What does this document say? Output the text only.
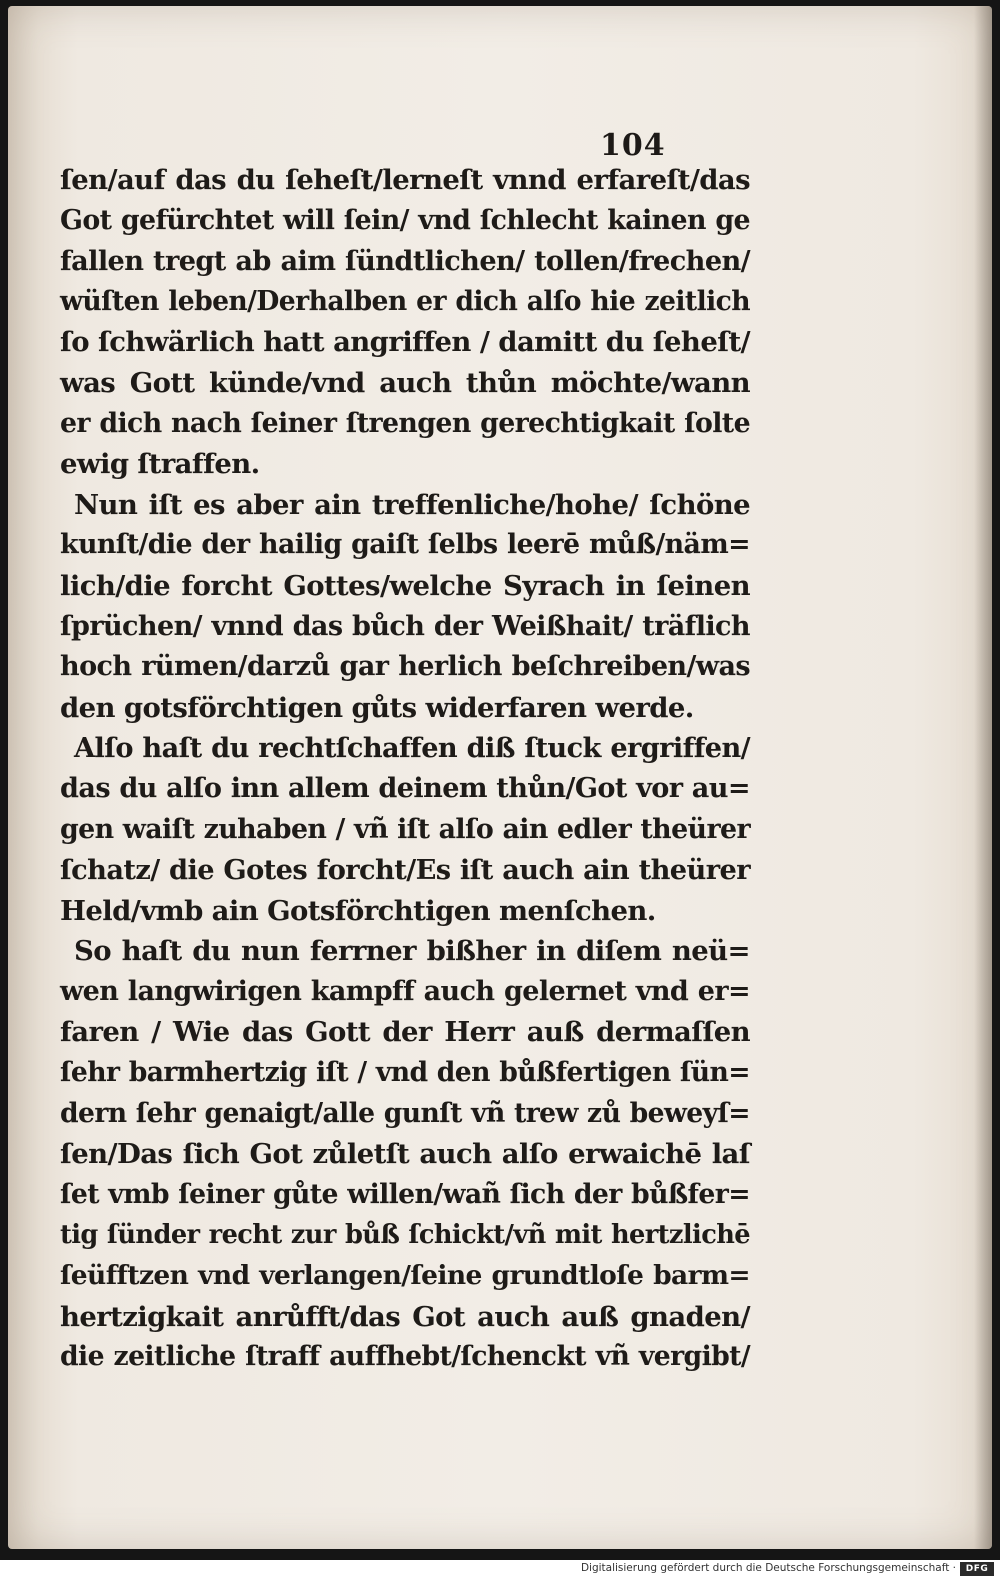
104
ſen/auf das du ſeheſt/lerneſt vnnd erfareſt/das
Got gefürchtet will ſein/ vnd ſchlecht kainen ge
fallen tregt ab aim ſündtlichen/ tollen/frechen/
wüſten leben/Derhalben er dich alſo hie zeitlich
ſo ſchwärlich hatt angriffen / damitt du ſeheſt/
was Gott künde/vnd auch thůn möchte/wann
er dich nach ſeiner ſtrengen gerechtigkait ſolte
ewig ſtraffen.
Nun iſt es aber ain treffenliche/hohe/ ſchöne
kunſt/die der hailig gaiſt ſelbs leerē můß/näm=
lich/die forcht Gottes/welche Syrach in ſeinen
ſprüchen/ vnnd das bůch der Weißhait/ träflich
hoch rümen/darzů gar herlich beſchreiben/was
den gotsförchtigen gůts widerfaren werde.
Alſo haſt du rechtſchaffen diß ſtuck ergriffen/
das du alſo inn allem deinem thůn/Got vor au=
gen waiſt zuhaben / vñ iſt alſo ain edler theürer
ſchatz/ die Gotes forcht/Es iſt auch ain theürer
Held/vmb ain Gotsförchtigen menſchen.
So haſt du nun ferrner bißher in diſem neü=
wen langwirigen kampff auch gelernet vnd er=
faren / Wie das Gott der Herr auß dermaſſen
ſehr barmhertzig iſt / vnd den bůßfertigen ſün=
dern ſehr genaigt/alle gunſt vñ trew zů beweyſ=
ſen/Das ſich Got zůletſt auch alſo erwaichē laſ
ſet vmb ſeiner gůte willen/wañ ſich der bůßfer=
tig ſünder recht zur bůß ſchickt/vñ mit hertzlichē
ſeüfftzen vnd verlangen/ſeine grundtloſe barm=
hertzigkait anrůfft/das Got auch auß gnaden/
die zeitliche ſtraff auffhebt/ſchenckt vñ vergibt/
Digitalisierung gefördert durch die Deutsche Forschungsgemeinschaft ·	DFG
